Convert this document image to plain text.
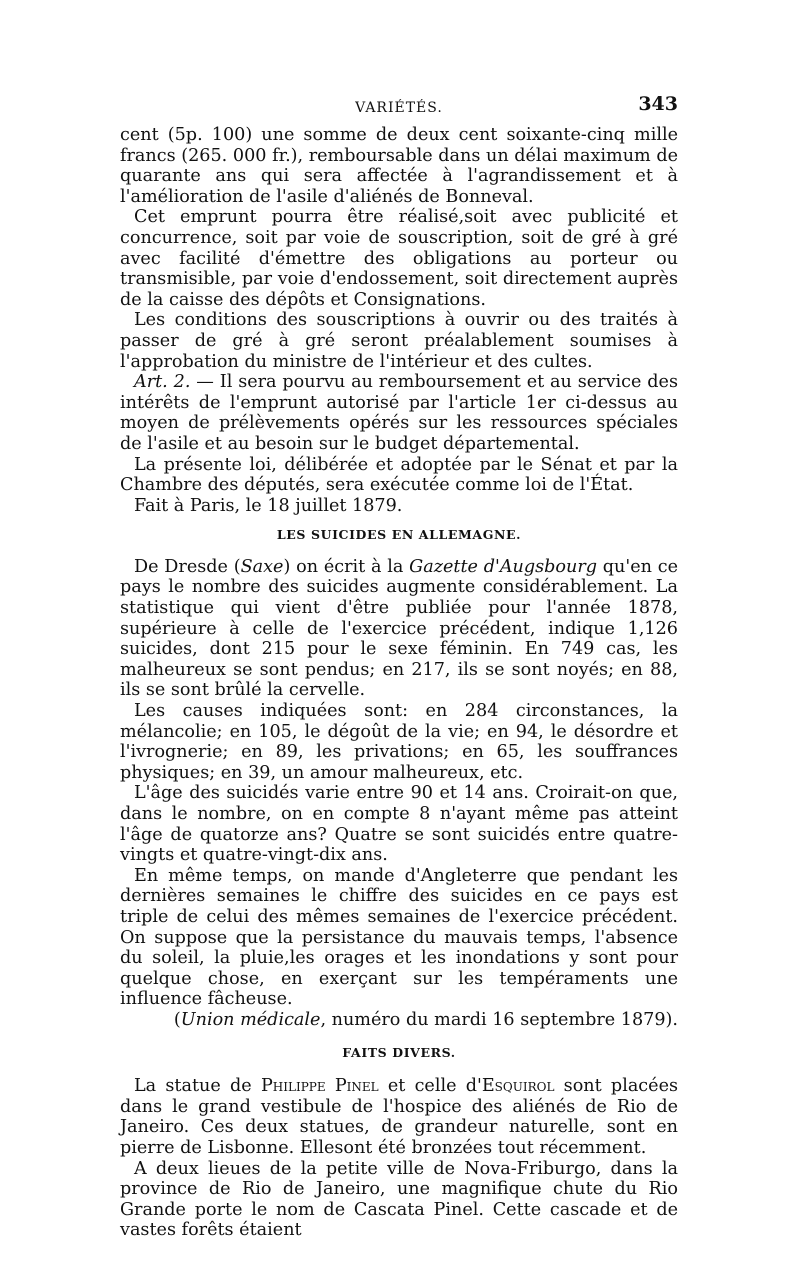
VARIÉTÉS.	343

cent (5p. 100) une somme de deux cent soixante-cinq mille francs (265. 000 fr.), remboursable dans un délai maximum de quarante ans qui sera affectée à l'agrandissement et à l'amélioration de l'asile d'aliénés de Bonneval.

Cet emprunt pourra être réalisé,soit avec publicité et concurrence, soit par voie de souscription, soit de gré à gré avec facilité d'émettre des obligations au porteur ou transmisible, par voie d'endossement, soit directement auprès de la caisse des dépôts et Consignations.

Les conditions des souscriptions à ouvrir ou des traités à passer de gré à gré seront préalablement soumises à l'approbation du ministre de l'intérieur et des cultes.

Art. 2. — Il sera pourvu au remboursement et au service des intérêts de l'emprunt autorisé par l'article 1er ci-dessus au moyen de prélèvements opérés sur les ressources spéciales de l'asile et au besoin sur le budget départemental.

La présente loi, délibérée et adoptée par le Sénat et par la Chambre des députés, sera exécutée comme loi de l'État.

Fait à Paris, le 18 juillet 1879.

LES SUICIDES EN ALLEMAGNE.

De Dresde (Saxe) on écrit à la Gazette d'Augsbourg qu'en ce pays le nombre des suicides augmente considérablement. La statistique qui vient d'être publiée pour l'année 1878, supérieure à celle de l'exercice précédent, indique 1,126 suicides, dont 215 pour le sexe féminin. En 749 cas, les malheureux se sont pendus; en 217, ils se sont noyés; en 88, ils se sont brûlé la cervelle.

Les causes indiquées sont: en 284 circonstances, la mélancolie; en 105, le dégoût de la vie; en 94, le désordre et l'ivrognerie; en 89, les privations; en 65, les souffrances physiques; en 39, un amour malheureux, etc.

L'âge des suicidés varie entre 90 et 14 ans. Croirait-on que, dans le nombre, on en compte 8 n'ayant même pas atteint l'âge de quatorze ans? Quatre se sont suicidés entre quatre-vingts et quatre-vingt-dix ans.

En même temps, on mande d'Angleterre que pendant les dernières semaines le chiffre des suicides en ce pays est triple de celui des mêmes semaines de l'exercice précédent. On suppose que la persistance du mauvais temps, l'absence du soleil, la pluie,les orages et les inondations y sont pour quelque chose, en exerçant sur les tempéraments une influence fâcheuse.

(Union médicale, numéro du mardi 16 septembre 1879).

FAITS DIVERS.

La statue de Philippe Pinel et celle d'Esquirol sont placées dans le grand vestibule de l'hospice des aliénés de Rio de Janeiro. Ces deux statues, de grandeur naturelle, sont en pierre de Lisbonne. Ellesont été bronzées tout récemment.

A deux lieues de la petite ville de Nova-Friburgo, dans la province de Rio de Janeiro, une magnifique chute du Rio Grande porte le nom de Cascata Pinel. Cette cascade et de vastes forêts étaient
